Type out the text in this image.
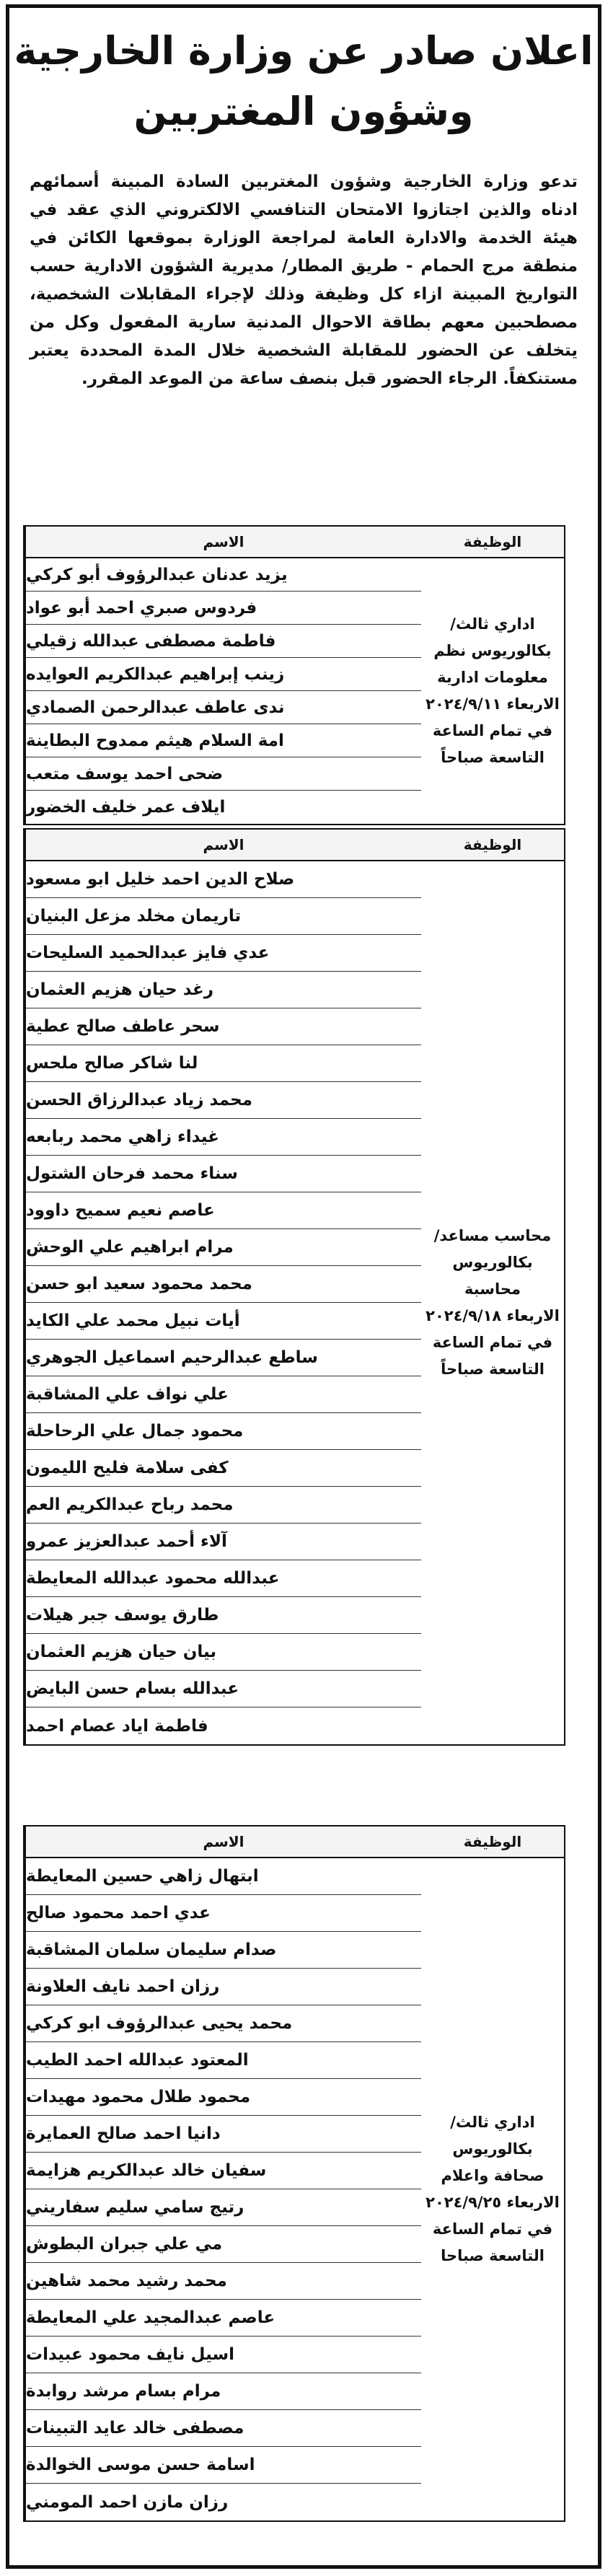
اعلان صادر عن وزارة الخارجية
وشؤون المغتربين
تدعو وزارة الخارجية وشؤون المغتربين السادة المبينة أسمائهم ادناه والذين اجتازوا الامتحان التنافسي الالكتروني الذي عقد في هيئة الخدمة والادارة العامة لمراجعة الوزارة بموقعها الكائن في منطقة مرج الحمام - طريق المطار/ مديرية الشؤون الادارية حسب التواريخ المبينة ازاء كل وظيفة وذلك لإجراء المقابلات الشخصية، مصطحبين معهم بطاقة الاحوال المدنية سارية المفعول وكل من يتخلف عن الحضور للمقابلة الشخصية خلال المدة المحددة يعتبر مستنكفاً. الرجاء الحضور قبل بنصف ساعة من الموعد المقرر.
الاسم	الوظيفة
يزيد عدنان عبدالرؤوف أبو كركي
فردوس صبري احمد أبو عواد
فاطمة مصطفى عبدالله زقيلي
زينب إبراهيم عبدالكريم العوايده
ندى عاطف عبدالرحمن الصمادي
امة السلام هيثم ممدوح البطاينة
ضحى احمد يوسف متعب
ايلاف عمر خليف الخضور
اداري ثالث/ بكالوريوس نظم معلومات ادارية
الاربعاء ٢٠٢٤/٩/١١ في تمام الساعة التاسعة صباحاً
الاسم	الوظيفة
صلاح الدين احمد خليل ابو مسعود
تاريمان مخلد مزعل البنيان
عدي فايز عبدالحميد السليحات
رغد حيان هزيم العثمان
سحر عاطف صالح عطية
لنا شاكر صالح ملحس
محمد زياد عبدالرزاق الحسن
غيداء زاهي محمد ربابعه
سناء محمد فرحان الشتول
عاصم نعيم سميح داوود
مرام ابراهيم علي الوحش
محمد محمود سعيد ابو حسن
أيات نبيل محمد علي الكايد
ساطع عبدالرحيم اسماعيل الجوهري
علي نواف علي المشاقبة
محمود جمال علي الرحاحلة
كفى سلامة فليح الليمون
محمد رباح عبدالكريم العم
آلاء أحمد عبدالعزيز عمرو
عبدالله محمود عبدالله المعايطة
طارق يوسف جبر هيلات
بيان حيان هزيم العثمان
عبدالله بسام حسن البايض
فاطمة اياد عصام احمد
محاسب مساعد/ بكالوريوس محاسبة
الاربعاء ٢٠٢٤/٩/١٨ في تمام الساعة التاسعة صباحاً
الاسم	الوظيفة
ابتهال زاهي حسين المعايطة
عدي احمد محمود صالح
صدام سليمان سلمان المشاقبة
رزان احمد نايف العلاونة
محمد يحيى عبدالرؤوف ابو كركي
المعتود عبدالله احمد الطيب
محمود طلال محمود مهيدات
دانيا احمد صالح العمايرة
سفيان خالد عبدالكريم هزايمة
رتيج سامي سليم سفاريني
مي علي جبران البطوش
محمد رشيد محمد شاهين
عاصم عبدالمجيد علي المعايطة
اسيل نايف محمود عبيدات
مرام بسام مرشد روابدة
مصطفى خالد عايد التبينات
اسامة حسن موسى الخوالدة
رزان مازن احمد المومني
اداري ثالث/ بكالوريوس صحافة واعلام
الاربعاء ٢٠٢٤/٩/٢٥ في تمام الساعة التاسعة صباحا
